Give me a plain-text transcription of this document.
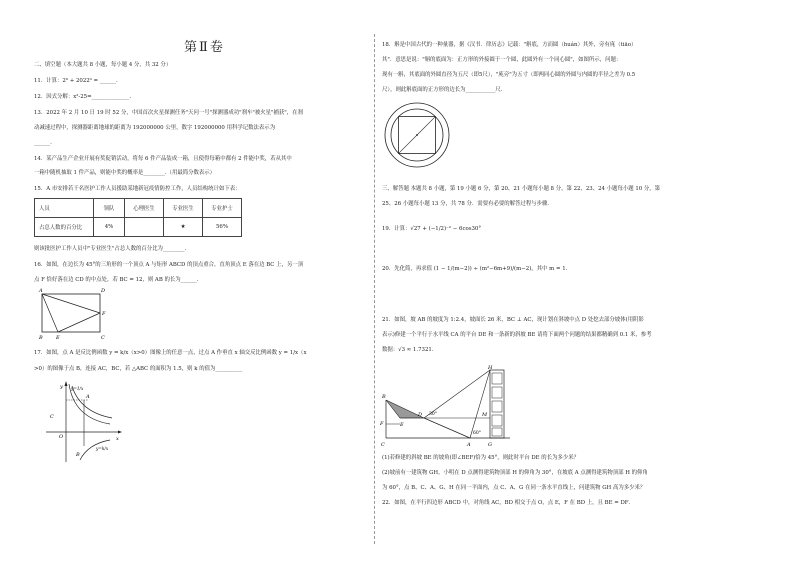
第Ⅱ卷
二、填空题（本大题共 8 小题，每小题 4 分，共 32 分）
11．计算：2⁰ + 2022⁰ = ______.
12．因式分解：x²-25=______________.
13．2022 年 2 月 10 日 19 时 52 分，中国首次火星探测任务"天问一号"探测器成功"刹车"被火星"捕获"，在刹
动减速过程中，探测器距离地球的距离为 192000000 公里，数字 192000000 用科学记数法表示为
______.
14．某产品生产企业开展有奖促销活动，将每 6 件产品装成一箱，且使得每箱中都有 2 件能中奖，若从其中
一箱中随机抽取 1 件产品，则能中奖的概率是________.（用最简分数表示）
15．A 市安排若干名医护工作人员援助某地新冠疫情防控工作，人员结构统计如下表：
人员	领队	心理医生	专业医生	专业护士
占总人数的百分比	4%		★	56%
则该批医护工作人员中"专业医生"占总人数的百分比为________.
16．如图，在边长为 45°的三角形的一个顶点 A 与矩形 ABCD 的顶点重合，直角顶点 E 落在边 BC 上，另一顶
点 F 恰好落在边 CD 的中点处，若 BC = 12，则 AB 的长为______.
A	D
F
B	E	C
17．如图，点 A 是反比例函数 y = k/x（x>0）图像上的任意一点，过点 A 作垂直 x 轴交反比例函数 y = 1/x（x
>0）的图像于点 B，连接 AC，BC，若 △ABC 的面积为 1.5，则 k 的值为__________
y
x
O
A
B
C
y=1/x
y=k/x
18．斛是中国古代的一种量器，据《汉书．律历志》记载："斛底，方而圆（huán）其外，旁有庣（tiāo）
其"．意思是说："斛的底面为：正方形的外接圆于一个圆，此圆外有一个同心圆"，如图所示，问题：
现有一斛，其底面的外圆直径为五尺（即5尺），"庣旁"为五寸（即两同心圆的外圆与内圆的半径之差为 0.5
尺），则此斛底面的正方形的边长为___________尺．
三、解答题 本题共 8 小题，第 19 小题 6 分，第 20、21 小题每小题 8 分，第 22、23、24 小题每小题 10 分，第
25、26 小题每小题 13 分，共 78 分．需要有必要的解答过程与步骤．
19．计算：√27 + (−1/2)⁻² − 6cos30°
20．先化简，再求值 (1 − 1/(m−2)) ÷ (m²−6m+9)/(m−2)，其中 m = 1．
21．如图，坡 AB 的坡度为 1:2.4，坡面长 26 米，BC ⊥ AC，现计划在斜坡中点 D 处挖去部分坡体(用阴影
表示)修建一个平行于水平线 CA 的平台 DE 和一条新的斜坡 BE 请将下面两个问题的结果都精确到 0.1 米，参考
数据：√3 ≈ 1.7321．
H
B
D 30°	M
E
F
C
60°
A	G
(1)若修建的斜坡 BE 的坡角(即∠BEF)恰为 45°，则此时平台 DE 的长为多少米？
(2)坡前有一建筑物 GH，小明在 D 点测得建筑物顶部 H 的仰角为 30°，在坡底 A 点测得建筑物顶部 H 的仰角
为 60°，点 B、C、A、G、H 在同一平面内，点 C、A、G 在同一条水平直线上，问建筑物 GH 高为多少米？
22．如图，在平行四边形 ABCD 中，对角线 AC，BD 相交于点 O，点 E，F 在 BD 上，且 BE = DF．
